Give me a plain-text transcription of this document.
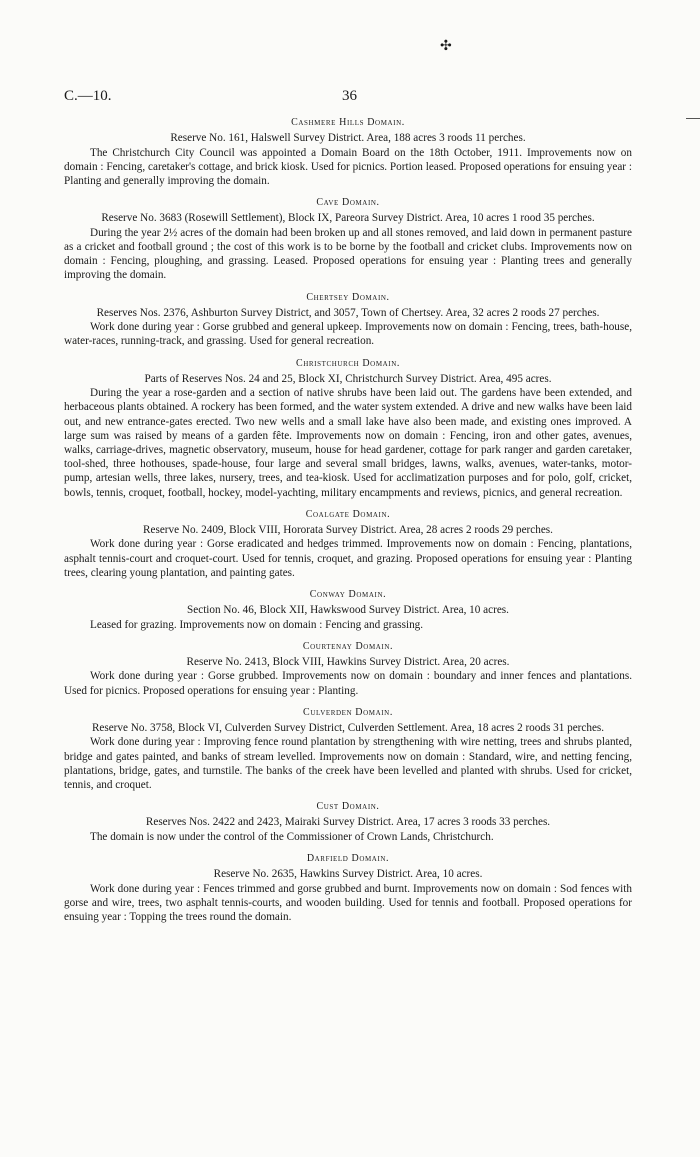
✣
C.—10.	36

Cashmere Hills Domain.

Reserve No. 161, Halswell Survey District. Area, 188 acres 3 roods 11 perches.

The Christchurch City Council was appointed a Domain Board on the 18th October, 1911. Improvements now on domain : Fencing, caretaker's cottage, and brick kiosk. Used for picnics. Portion leased. Proposed operations for ensuing year : Planting and generally improving the domain.

Cave Domain.

Reserve No. 3683 (Rosewill Settlement), Block IX, Pareora Survey District. Area, 10 acres 1 rood 35 perches.

During the year 2½ acres of the domain had been broken up and all stones removed, and laid down in permanent pasture as a cricket and football ground ; the cost of this work is to be borne by the football and cricket clubs. Improvements now on domain : Fencing, ploughing, and grassing. Leased. Proposed operations for ensuing year : Planting trees and generally improving the domain.

Chertsey Domain.

Reserves Nos. 2376, Ashburton Survey District, and 3057, Town of Chertsey. Area, 32 acres 2 roods 27 perches.

Work done during year : Gorse grubbed and general upkeep. Improvements now on domain : Fencing, trees, bath-house, water-races, running-track, and grassing. Used for general recreation.

Christchurch Domain.

Parts of Reserves Nos. 24 and 25, Block XI, Christchurch Survey District. Area, 495 acres.

During the year a rose-garden and a section of native shrubs have been laid out. The gardens have been extended, and herbaceous plants obtained. A rockery has been formed, and the water system extended. A drive and new walks have been laid out, and new entrance-gates erected. Two new wells and a small lake have also been made, and existing ones improved. A large sum was raised by means of a garden fête. Improvements now on domain : Fencing, iron and other gates, avenues, walks, carriage-drives, magnetic observatory, museum, house for head gardener, cottage for park ranger and garden caretaker, tool-shed, three hothouses, spade-house, four large and several small bridges, lawns, walks, avenues, water-tanks, motor-pump, artesian wells, three lakes, nursery, trees, and tea-kiosk. Used for acclimatization purposes and for polo, golf, cricket, bowls, tennis, croquet, football, hockey, model-yachting, military encampments and reviews, picnics, and general recreation.

Coalgate Domain.

Reserve No. 2409, Block VIII, Hororata Survey District. Area, 28 acres 2 roods 29 perches.

Work done during year : Gorse eradicated and hedges trimmed. Improvements now on domain : Fencing, plantations, asphalt tennis-court and croquet-court. Used for tennis, croquet, and grazing. Proposed operations for ensuing year : Planting trees, clearing young plantation, and painting gates.

Conway Domain.

Section No. 46, Block XII, Hawkswood Survey District. Area, 10 acres.

Leased for grazing. Improvements now on domain : Fencing and grassing.

Courtenay Domain.

Reserve No. 2413, Block VIII, Hawkins Survey District. Area, 20 acres.

Work done during year : Gorse grubbed. Improvements now on domain : boundary and inner fences and plantations. Used for picnics. Proposed operations for ensuing year : Planting.

Culverden Domain.

Reserve No. 3758, Block VI, Culverden Survey District, Culverden Settlement. Area, 18 acres 2 roods 31 perches.

Work done during year : Improving fence round plantation by strengthening with wire netting, trees and shrubs planted, bridge and gates painted, and banks of stream levelled. Improvements now on domain : Standard, wire, and netting fencing, plantations, bridge, gates, and turnstile. The banks of the creek have been levelled and planted with shrubs. Used for cricket, tennis, and croquet.

Cust Domain.

Reserves Nos. 2422 and 2423, Mairaki Survey District. Area, 17 acres 3 roods 33 perches.

The domain is now under the control of the Commissioner of Crown Lands, Christchurch.

Darfield Domain.

Reserve No. 2635, Hawkins Survey District. Area, 10 acres.

Work done during year : Fences trimmed and gorse grubbed and burnt. Improvements now on domain : Sod fences with gorse and wire, trees, two asphalt tennis-courts, and wooden building. Used for tennis and football. Proposed operations for ensuing year : Topping the trees round the domain.
